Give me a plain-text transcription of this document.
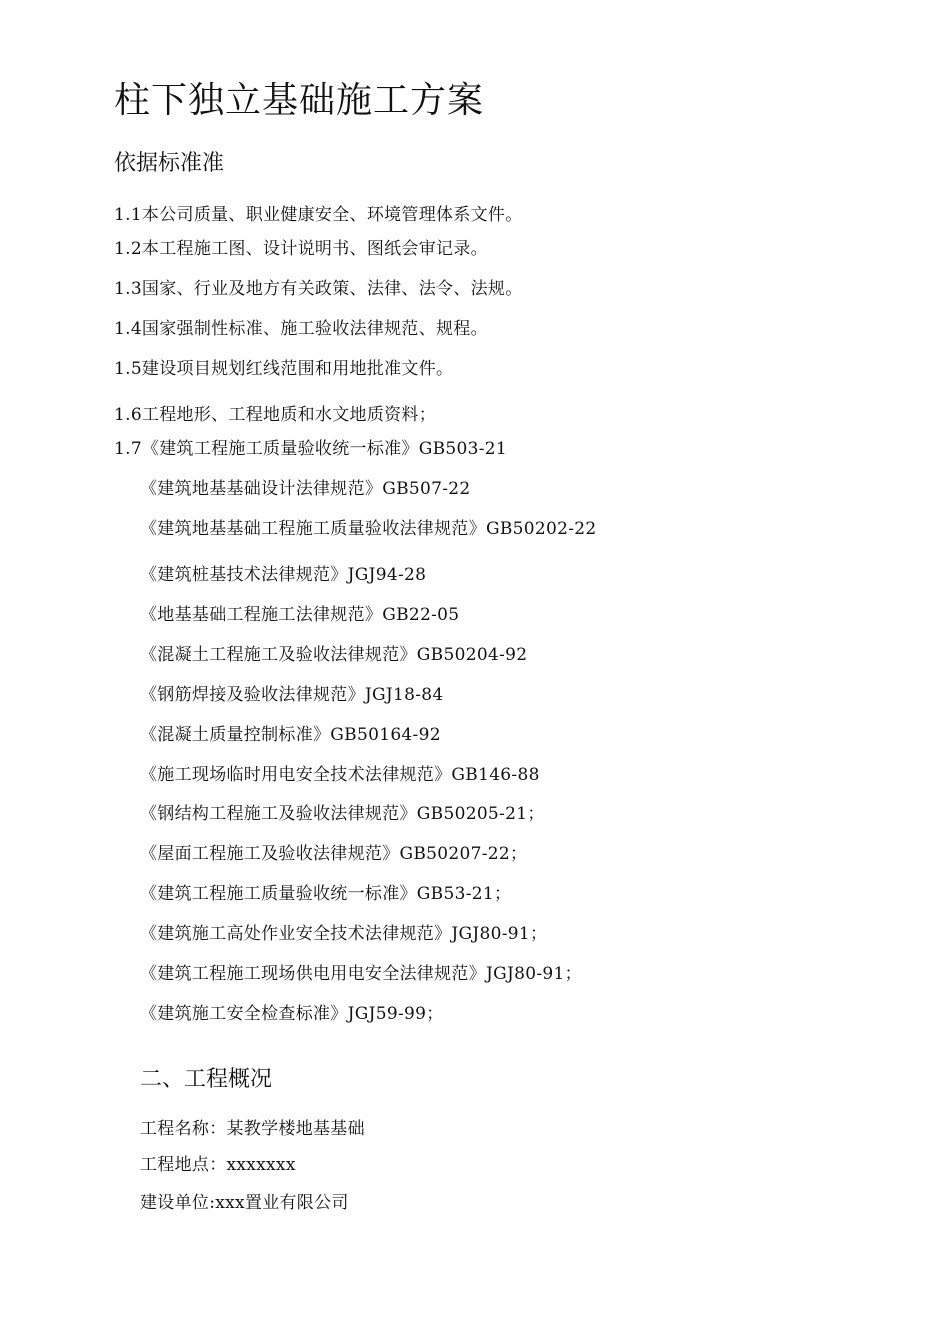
柱下独立基础施工方案
依据标准准
1.1本公司质量、职业健康安全、环境管理体系文件。
1.2本工程施工图、设计说明书、图纸会审记录。
1.3国家、行业及地方有关政策、法律、法令、法规。
1.4国家强制性标准、施工验收法律规范、规程。
1.5建设项目规划红线范围和用地批准文件。
1.6工程地形、工程地质和水文地质资料；
1.7《建筑工程施工质量验收统一标准》GB503-21
《建筑地基基础设计法律规范》GB507-22
《建筑地基基础工程施工质量验收法律规范》GB50202-22
《建筑桩基技术法律规范》JGJ94-28
《地基基础工程施工法律规范》GB22-05
《混凝土工程施工及验收法律规范》GB50204-92
《钢筋焊接及验收法律规范》JGJ18-84
《混凝土质量控制标准》GB50164-92
《施工现场临时用电安全技术法律规范》GB146-88
《钢结构工程施工及验收法律规范》GB50205-21；
《屋面工程施工及验收法律规范》GB50207-22；
《建筑工程施工质量验收统一标准》GB53-21；
《建筑施工高处作业安全技术法律规范》JGJ80-91；
《建筑工程施工现场供电用电安全法律规范》JGJ80-91；
《建筑施工安全检查标准》JGJ59-99；
二、工程概况
工程名称：某教学楼地基基础
工程地点：xxxxxxx
建设单位:xxx置业有限公司
